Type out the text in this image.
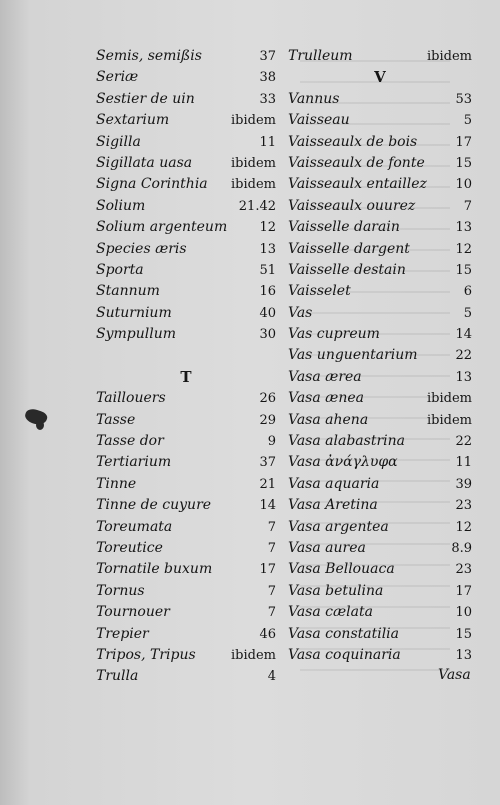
Semis, semißis	37
Seriæ	38
Sestier de uin	33
Sextarium	ibidem
Sigilla	11
Sigillata uasa	ibidem
Signa Corinthia ibidem
Solium	21.42
Solium argenteum 12
Species æris	13
Sporta	51
Stannum	16
Suturnium	40
Sympullum	30
T
Taillouers	26
Tasse	29
Tasse dor	9
Tertiarium	37
Tinne	21
Tinne de cuyure	14
Toreumata	7
Toreutice	7
Tornatile buxum	17
Tornus	7
Tournouer	7
Trepier	46
Tripos, Tripus	ibidem
Trulla	4
Trulleum	ibidem
V
Vannus	53
Vaisseau	5
Vaisseaulx de bois	17
Vaisseaulx de fonte 15
Vaisseaulx entaillez 10
Vaisseaulx ouurez	7
Vaisselle darain	13
Vaisselle dargent	12
Vaisselle destain	15
Vaisselet	6
Vas	5
Vas cupreum	14
Vas unguentarium	22
Vasa ærea	13
Vasa ænea	ibidem
Vasa ahena	ibidem
Vasa alabastrina	22
Vasa ἀνάγλυφα	11
Vasa aquaria	39
Vasa Aretina	23
Vasa argentea	12
Vasa aurea	8.9
Vasa Bellouaca	23
Vasa betulina	17
Vasa cælata	10
Vasa constatilia	15
Vasa coquinaria	13
Vasa
